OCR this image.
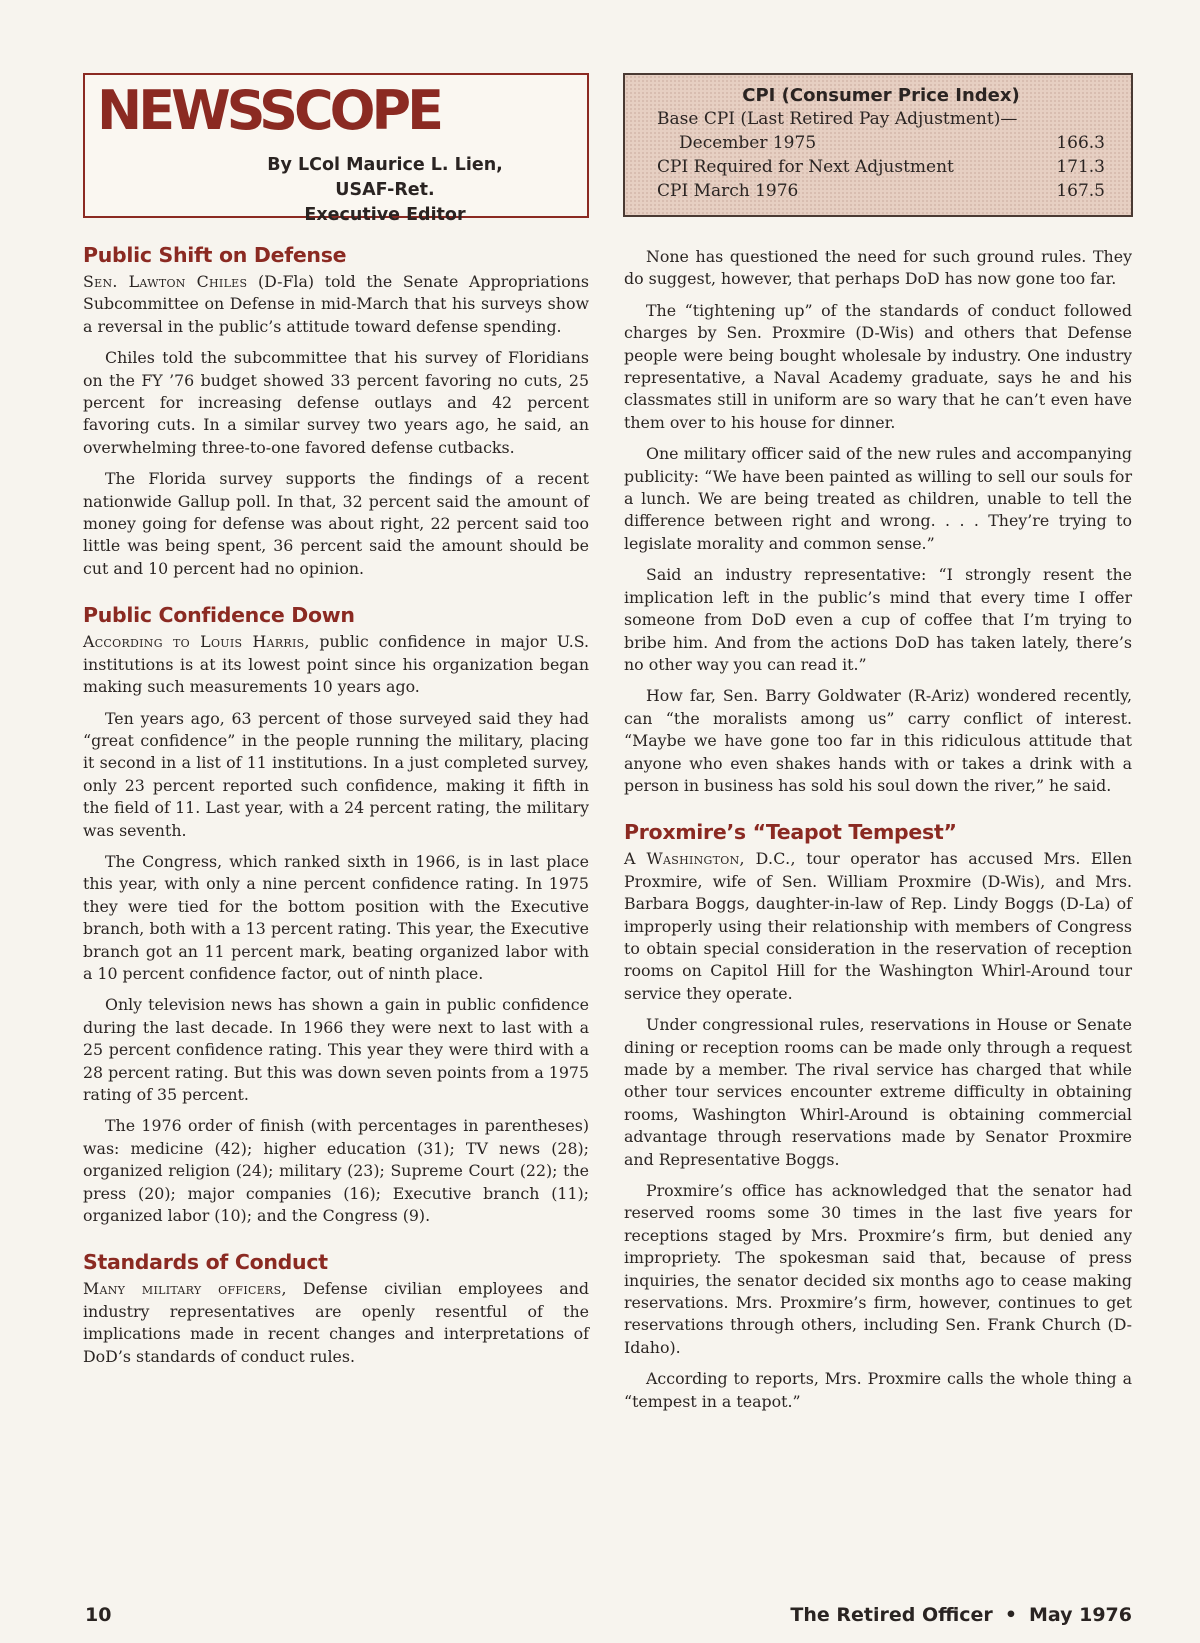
NEWSSCOPE
By LCol Maurice L. Lien, USAF-Ret.
Executive Editor
CPI (Consumer Price Index)
Base CPI (Last Retired Pay Adjustment)—
December 1975	166.3
CPI Required for Next Adjustment	171.3
CPI March 1976	167.5
Public Shift on Defense

Sen. Lawton Chiles (D-Fla) told the Senate Appropriations Subcommittee on Defense in mid-March that his surveys show a reversal in the public’s attitude toward defense spending.

Chiles told the subcommittee that his survey of Floridians on the FY ’76 budget showed 33 percent favoring no cuts, 25 percent for increasing defense outlays and 42 percent favoring cuts. In a similar survey two years ago, he said, an overwhelming three-to-one favored defense cutbacks.

The Florida survey supports the findings of a recent nationwide Gallup poll. In that, 32 percent said the amount of money going for defense was about right, 22 percent said too little was being spent, 36 percent said the amount should be cut and 10 percent had no opinion.

Public Confidence Down

According to Louis Harris, public confidence in major U.S. institutions is at its lowest point since his organization began making such measurements 10 years ago.

Ten years ago, 63 percent of those surveyed said they had “great confidence” in the people running the military, placing it second in a list of 11 institutions. In a just completed survey, only 23 percent reported such confidence, making it fifth in the field of 11. Last year, with a 24 percent rating, the military was seventh.

The Congress, which ranked sixth in 1966, is in last place this year, with only a nine percent confidence rating. In 1975 they were tied for the bottom position with the Executive branch, both with a 13 percent rating. This year, the Executive branch got an 11 percent mark, beating organized labor with a 10 percent confidence factor, out of ninth place.

Only television news has shown a gain in public confidence during the last decade. In 1966 they were next to last with a 25 percent confidence rating. This year they were third with a 28 percent rating. But this was down seven points from a 1975 rating of 35 percent.

The 1976 order of finish (with percentages in parentheses) was: medicine (42); higher education (31); TV news (28); organized religion (24); military (23); Supreme Court (22); the press (20); major companies (16); Executive branch (11); organized labor (10); and the Congress (9).

Standards of Conduct

Many military officers, Defense civilian employees and industry representatives are openly resentful of the implications made in recent changes and interpretations of DoD’s standards of conduct rules.

None has questioned the need for such ground rules. They do suggest, however, that perhaps DoD has now gone too far.

The “tightening up” of the standards of conduct followed charges by Sen. Proxmire (D-Wis) and others that Defense people were being bought wholesale by industry. One industry representative, a Naval Academy graduate, says he and his classmates still in uniform are so wary that he can’t even have them over to his house for dinner.

One military officer said of the new rules and accompanying publicity: “We have been painted as willing to sell our souls for a lunch. We are being treated as children, unable to tell the difference between right and wrong. . . . They’re trying to legislate morality and common sense.”

Said an industry representative: “I strongly resent the implication left in the public’s mind that every time I offer someone from DoD even a cup of coffee that I’m trying to bribe him. And from the actions DoD has taken lately, there’s no other way you can read it.”

How far, Sen. Barry Goldwater (R-Ariz) wondered recently, can “the moralists among us” carry conflict of interest. “Maybe we have gone too far in this ridiculous attitude that anyone who even shakes hands with or takes a drink with a person in business has sold his soul down the river,” he said.

Proxmire’s “Teapot Tempest”

A Washington, D.C., tour operator has accused Mrs. Ellen Proxmire, wife of Sen. William Proxmire (D-Wis), and Mrs. Barbara Boggs, daughter-in-law of Rep. Lindy Boggs (D-La) of improperly using their relationship with members of Congress to obtain special consideration in the reservation of reception rooms on Capitol Hill for the Washington Whirl-Around tour service they operate.

Under congressional rules, reservations in House or Senate dining or reception rooms can be made only through a request made by a member. The rival service has charged that while other tour services encounter extreme difficulty in obtaining rooms, Washington Whirl-Around is obtaining commercial advantage through reservations made by Senator Proxmire and Representative Boggs.

Proxmire’s office has acknowledged that the senator had reserved rooms some 30 times in the last five years for receptions staged by Mrs. Proxmire’s firm, but denied any impropriety. The spokesman said that, because of press inquiries, the senator decided six months ago to cease making reservations. Mrs. Proxmire’s firm, however, continues to get reservations through others, including Sen. Frank Church (D-Idaho).

According to reports, Mrs. Proxmire calls the whole thing a “tempest in a teapot.”

10	The Retired Officer • May 1976
